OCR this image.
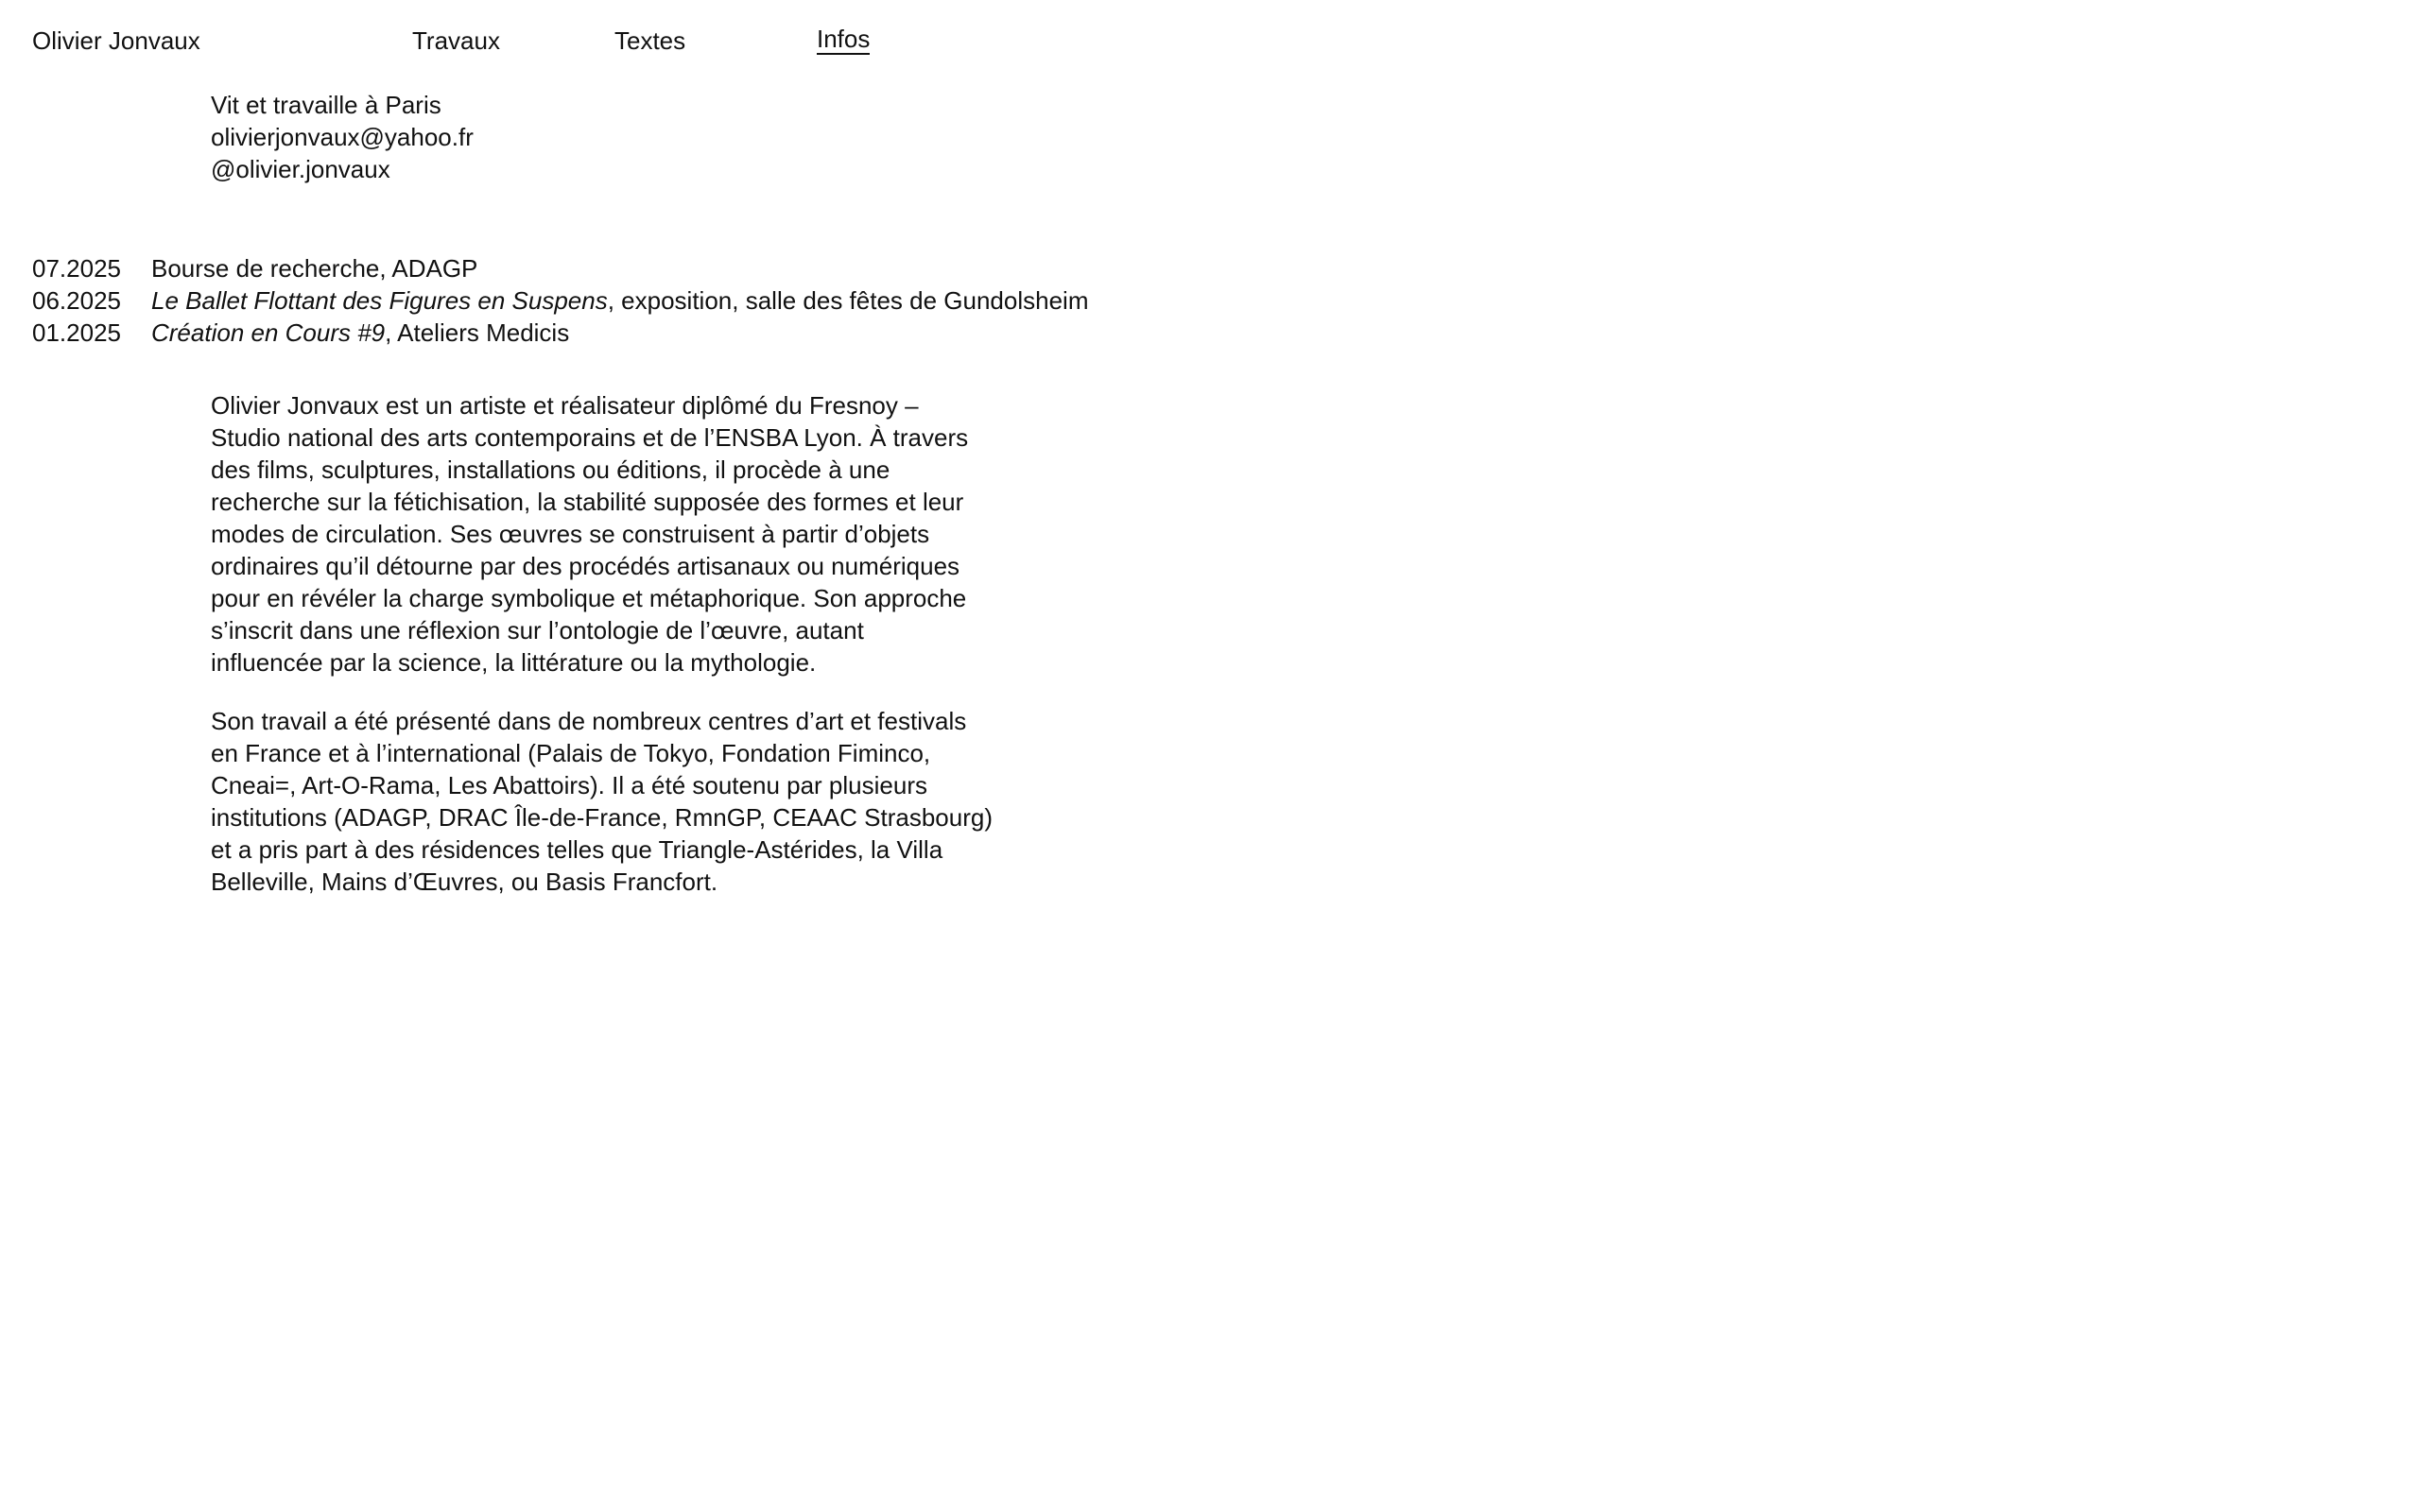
Olivier Jonvaux	Travaux	Textes	Infos
Vit et travaille à Paris
olivierjonvaux@yahoo.fr
@olivier.jonvaux
07.2025	Bourse de recherche, ADAGP
06.2025	Le Ballet Flottant des Figures en Suspens, exposition, salle des fêtes de Gundolsheim
01.2025	Création en Cours #9, Ateliers Medicis

Olivier Jonvaux est un artiste et réalisateur diplômé du Fresnoy –
Studio national des arts contemporains et de l’ENSBA Lyon. À travers
des films, sculptures, installations ou éditions, il procède à une
recherche sur la fétichisation, la stabilité supposée des formes et leur
modes de circulation. Ses œuvres se construisent à partir d’objets
ordinaires qu’il détourne par des procédés artisanaux ou numériques
pour en révéler la charge symbolique et métaphorique. Son approche
s’inscrit dans une réflexion sur l’ontologie de l’œuvre, autant
influencée par la science, la littérature ou la mythologie.

Son travail a été présenté dans de nombreux centres d’art et festivals
en France et à l’international (Palais de Tokyo, Fondation Fiminco,
Cneai=, Art-O-Rama, Les Abattoirs). Il a été soutenu par plusieurs
institutions (ADAGP, DRAC Île-de-France, RmnGP, CEAAC Strasbourg)
et a pris part à des résidences telles que Triangle-Astérides, la Villa
Belleville, Mains d’Œuvres, ou Basis Francfort.
